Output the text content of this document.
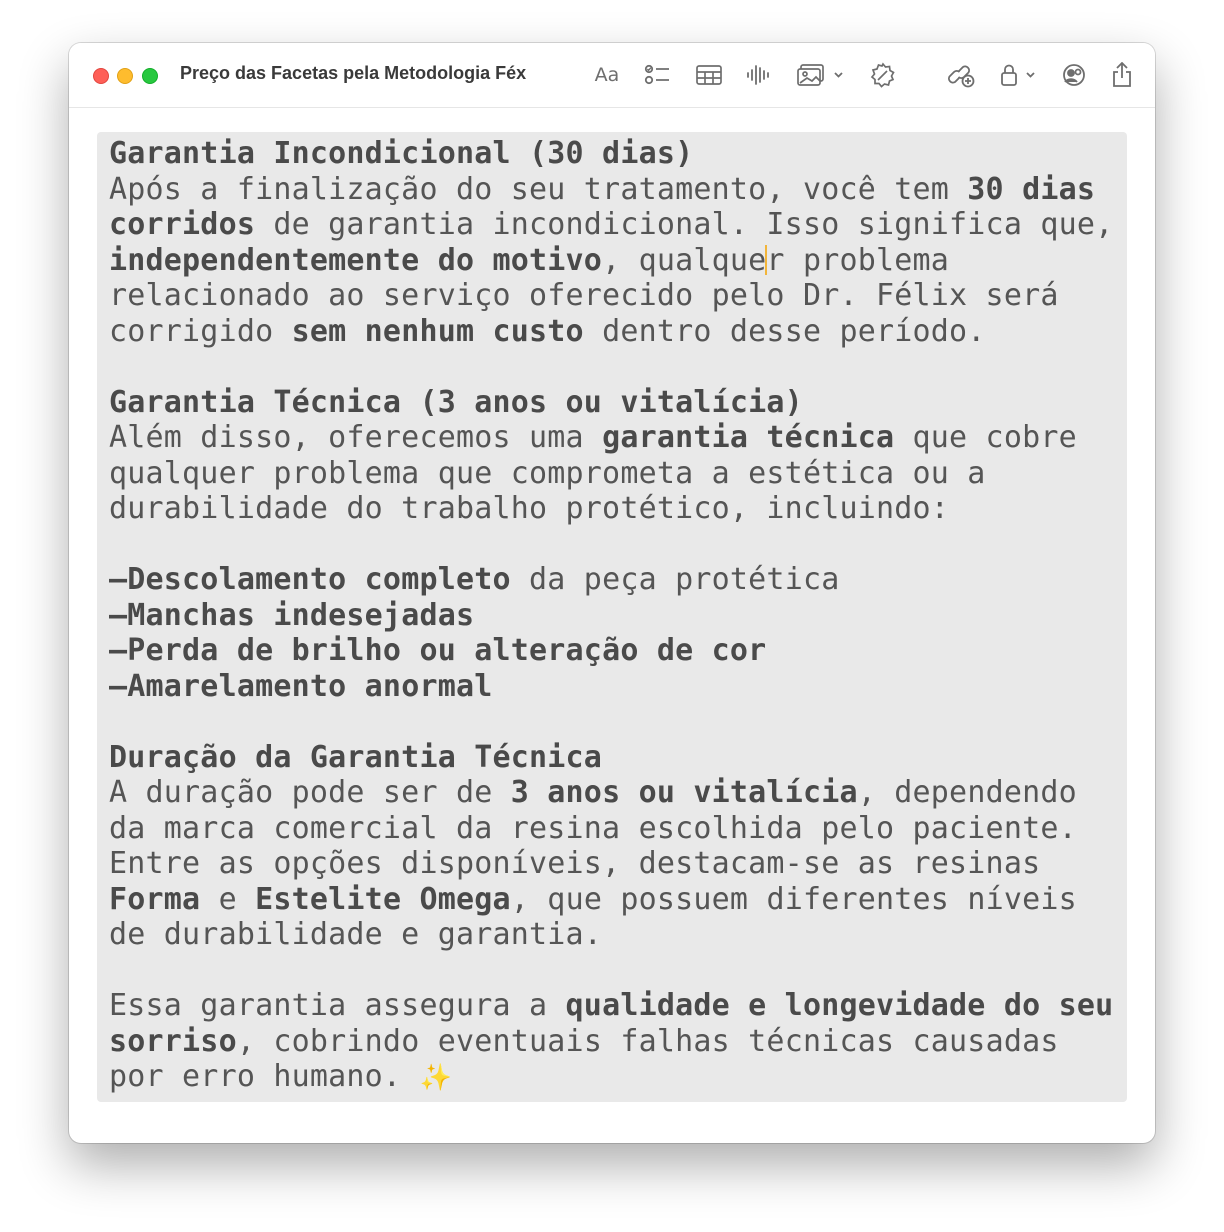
Preço das Facetas pela Metodologia Féx	Aa
Garantia Incondicional (30 dias)
Após a finalização do seu tratamento, você tem 30 dias
corridos de garantia incondicional. Isso significa que,
independentemente do motivo, qualquer problema
relacionado ao serviço oferecido pelo Dr. Félix será
corrigido sem nenhum custo dentro desse período.

Garantia Técnica (3 anos ou vitalícia)
Além disso, oferecemos uma garantia técnica que cobre
qualquer problema que comprometa a estética ou a
durabilidade do trabalho protético, incluindo:

–Descolamento completo da peça protética
–Manchas indesejadas
–Perda de brilho ou alteração de cor
–Amarelamento anormal

Duração da Garantia Técnica
A duração pode ser de 3 anos ou vitalícia, dependendo
da marca comercial da resina escolhida pelo paciente.
Entre as opções disponíveis, destacam-se as resinas
Forma e Estelite Omega, que possuem diferentes níveis
de durabilidade e garantia.

Essa garantia assegura a qualidade e longevidade do seu
sorriso, cobrindo eventuais falhas técnicas causadas
por erro humano. ✨
